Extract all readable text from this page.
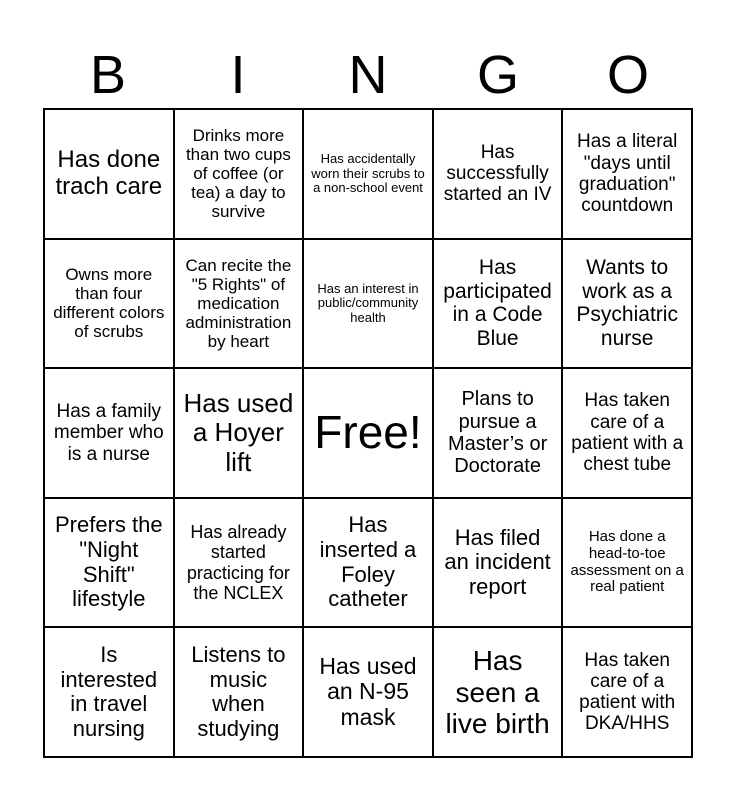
B	I	N	G	O
Has done trach care
Drinks more than two cups of coffee (or tea) a day to survive
Has accidentally worn their scrubs to a non-school event
Has successfully started an IV
Has a literal "days until graduation" countdown
Owns more than four different colors of scrubs
Can recite the "5 Rights" of medication administration by heart
Has an interest in public/community health
Has participated in a Code Blue
Wants to work as a Psychiatric nurse
Has a family member who is a nurse
Has used a Hoyer lift
Free!
Plans to pursue a Master’s or Doctorate
Has taken care of a patient with a chest tube
Prefers the "Night Shift" lifestyle
Has already started practicing for the NCLEX
Has inserted a Foley catheter
Has filed an incident report
Has done a head-to-toe assessment on a real patient
Is interested in travel nursing
Listens to music when studying
Has used an N-95 mask
Has seen a live birth
Has taken care of a patient with DKA/HHS
